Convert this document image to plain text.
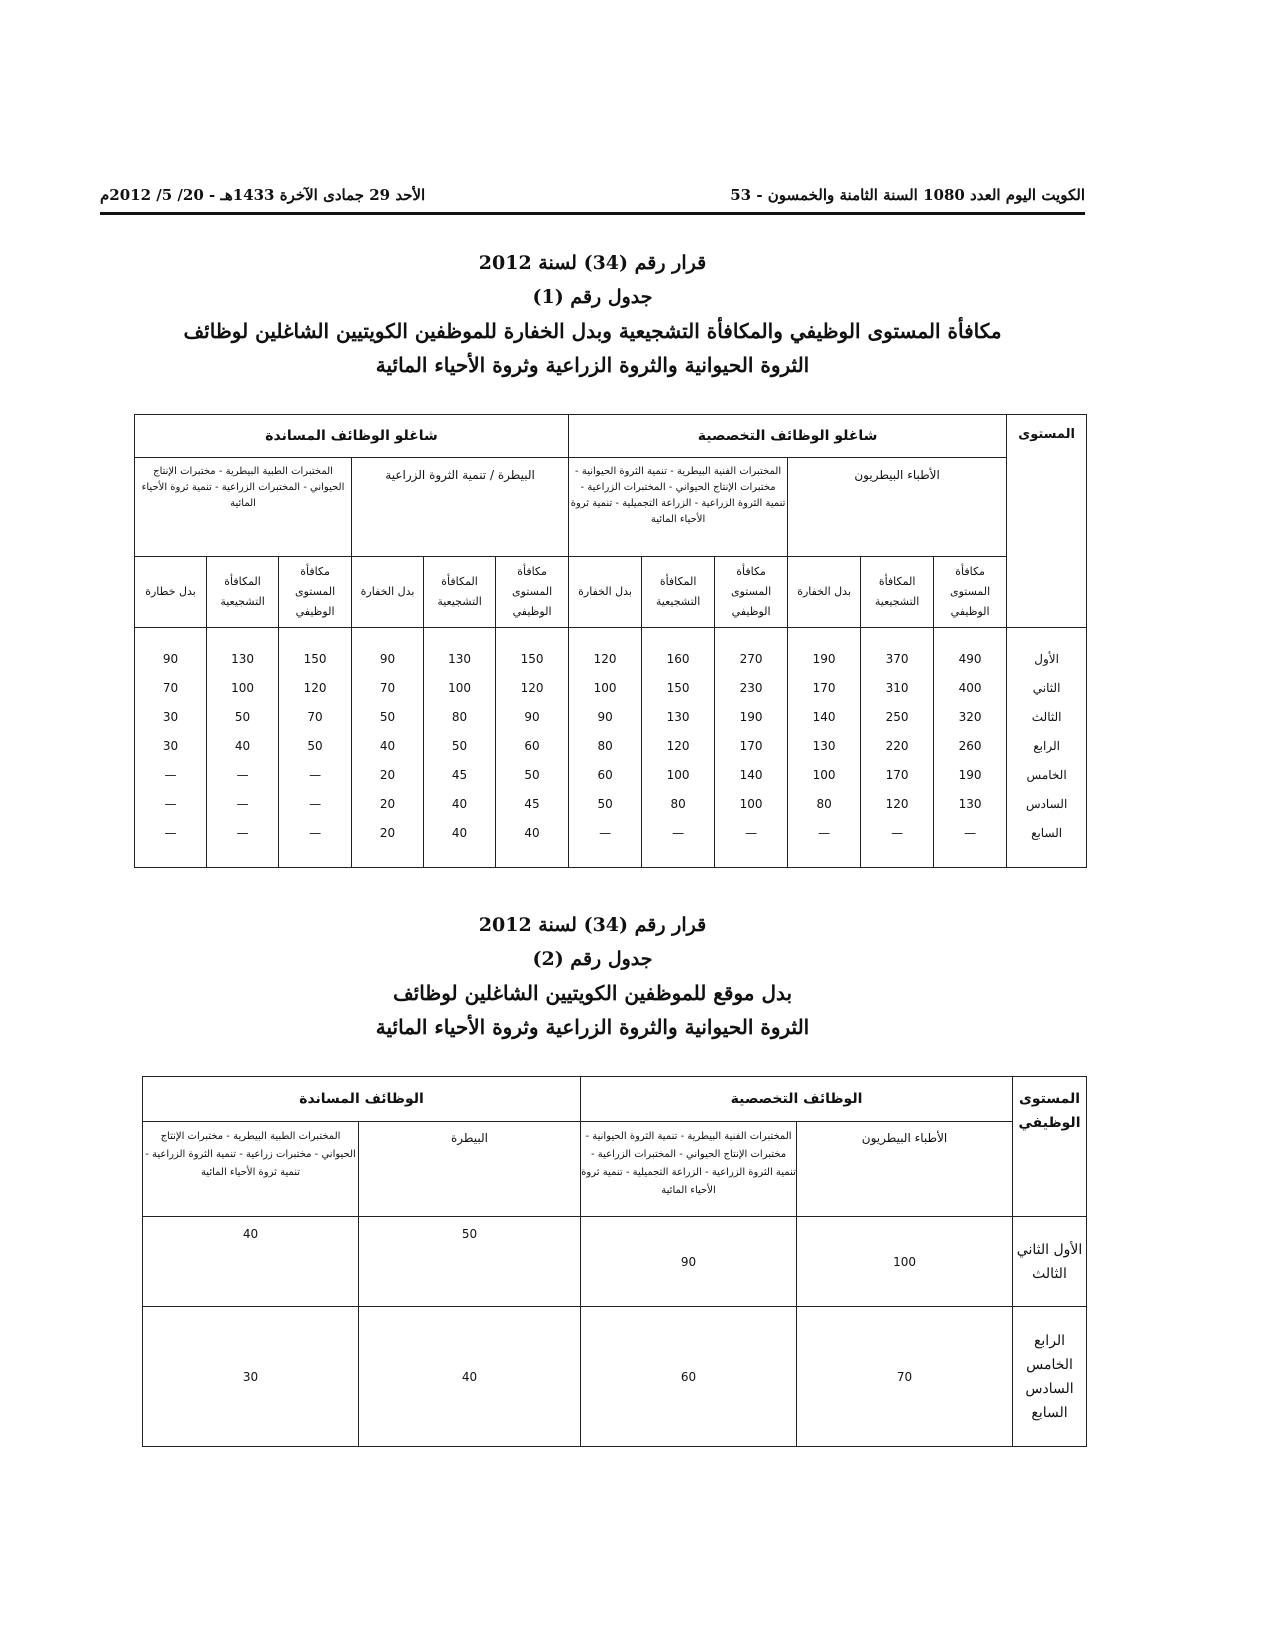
الكويت اليوم العدد 1080 السنة الثامنة والخمسون - 53
الأحد 29 جمادى الآخرة 1433هـ - 20/ 5/ 2012م
قرار رقم (34) لسنة 2012
جدول رقم (1)
مكافأة المستوى الوظيفي والمكافأة التشجيعية وبدل الخفارة للموظفين الكويتيين الشاغلين لوظائف
الثروة الحيوانية والثروة الزراعية وثروة الأحياء المائية
المستوى	شاغلو الوظائف التخصصية						شاغلو الوظائف المساندة					
	الأطباء البيطريون			المختبرات الفنية البيطرية - تنمية الثروة الحيوانية - مختبرات الإنتاج الحيواني - المختبرات الزراعية - تنمية الثروة الزراعية - الزراعة التجميلية - تنمية ثروة الأحياء المائية			البيطرة / تنمية الثروة الزراعية			المختبرات الطبية البيطرية - مختبرات الإنتاج الحيواني - المختبرات الزراعية - تنمية ثروة الأحياء المائية		
	مكافأة المستوى الوظيفي	المكافأة التشجيعية	بدل الخفارة	مكافأة المستوى الوظيفي	المكافأة التشجيعية	بدل الخفارة	مكافأة المستوى الوظيفي	المكافأة التشجيعية	بدل الخفارة	مكافأة المستوى الوظيفي	المكافأة التشجيعية	بدل خطارة
الأول	490	370	190	270	160	120	150	130	90	150	130	90
الثاني	400	310	170	230	150	100	120	100	70	120	100	70
الثالث	320	250	140	190	130	90	90	80	50	70	50	30
الرابع	260	220	130	170	120	80	60	50	40	50	40	30
الخامس	190	170	100	140	100	60	50	45	20	—	—	—
السادس	130	120	80	100	80	50	45	40	20	—	—	—
السابع	—	—	—	—	—	—	40	40	20	—	—	—
قرار رقم (34) لسنة 2012
جدول رقم (2)
بدل موقع للموظفين الكويتيين الشاغلين لوظائف
الثروة الحيوانية والثروة الزراعية وثروة الأحياء المائية
المستوى الوظيفي	الوظائف التخصصية		الوظائف المساندة	
	الأطباء البيطريون	المختبرات الفنية البيطرية - تنمية الثروة الحيوانية - مختبرات الإنتاج الحيواني - المختبرات الزراعية - تنمية الثروة الزراعية - الزراعة التجميلية - تنمية ثروة الأحياء المائية	البيطرة	المختبرات الطبية البيطرية - مختبرات الإنتاج الحيواني - مختبرات زراعية - تنمية الثروة الزراعية - تنمية ثروة الأحياء المائية
الأول الثاني الثالث	100	90	50	40
الرابع الخامس السادس السابع	70	60	40	30
